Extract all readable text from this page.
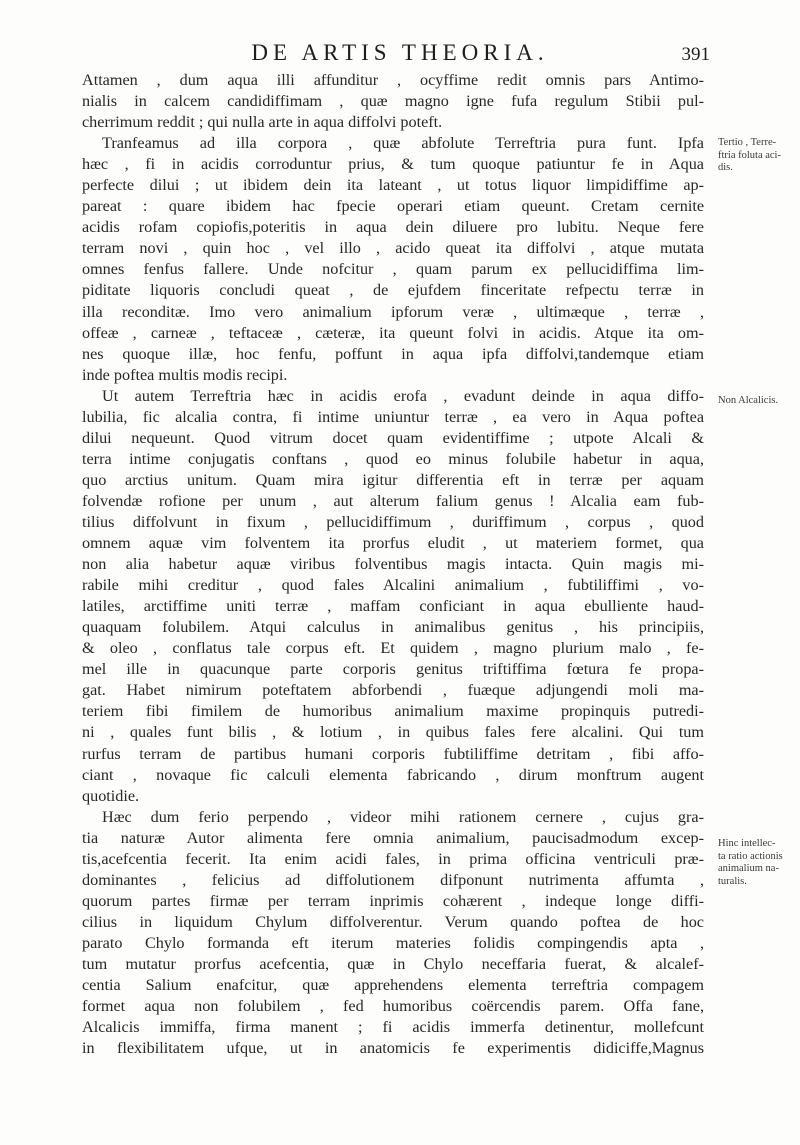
DE ARTIS THEORIA.	391
Attamen , dum aqua illi affunditur , ocyffime redit omnis pars Antimo-
nialis in calcem candidiffimam , quæ magno igne fufa regulum Stibii pul-
cherrimum reddit ; qui nulla arte in aqua diffolvi poteft.
Tranfeamus ad illa corpora , quæ abfolute Terreftria pura funt. Ipfa
hæc , fi in acidis corroduntur prius, & tum quoque patiuntur fe in Aqua
perfecte dilui ; ut ibidem dein ita lateant , ut totus liquor limpidiffime ap-
pareat : quare ibidem hac fpecie operari etiam queunt. Cretam cernite
acidis rofam copiofis,poteritis in aqua dein diluere pro lubitu. Neque fere
terram novi , quin hoc , vel illo , acido queat ita diffolvi , atque mutata
omnes fenfus fallere. Unde nofcitur , quam parum ex pellucidiffima lim-
piditate liquoris concludi queat , de ejufdem finceritate refpectu terræ in
illa reconditæ. Imo vero animalium ipforum veræ , ultimæque , terræ ,
offeæ , carneæ , teftaceæ , cæteræ, ita queunt folvi in acidis. Atque ita om-
nes quoque illæ, hoc fenfu, poffunt in aqua ipfa diffolvi,tandemque etiam
inde poftea multis modis recipi.
Ut autem Terreftria hæc in acidis erofa , evadunt deinde in aqua diffo-
lubilia, fic alcalia contra, fi intime uniuntur terræ , ea vero in Aqua poftea
dilui nequeunt. Quod vitrum docet quam evidentiffime ; utpote Alcali &
terra intime conjugatis conftans , quod eo minus folubile habetur in aqua,
quo arctius unitum. Quam mira igitur differentia eft in terræ per aquam
folvendæ rofione per unum , aut alterum falium genus ! Alcalia eam fub-
tilius diffolvunt in fixum , pellucidiffimum , duriffimum , corpus , quod
omnem aquæ vim folventem ita prorfus eludit , ut materiem formet, qua
non alia habetur aquæ viribus folventibus magis intacta. Quin magis mi-
rabile mihi creditur , quod fales Alcalini animalium , fubtiliffimi , vo-
latiles, arctiffime uniti terræ , maffam conficiant in aqua ebulliente haud-
quaquam folubilem. Atqui calculus in animalibus genitus , his principiis,
& oleo , conflatus tale corpus eft. Et quidem , magno plurium malo , fe-
mel ille in quacunque parte corporis genitus triftiffima fœtura fe propa-
gat. Habet nimirum poteftatem abforbendi , fuæque adjungendi moli ma-
teriem fibi fimilem de humoribus animalium maxime propinquis putredi-
ni , quales funt bilis , & lotium , in quibus fales fere alcalini. Qui tum
rurfus terram de partibus humani corporis fubtiliffime detritam , fibi affo-
ciant , novaque fic calculi elementa fabricando , dirum monftrum augent
quotidie.
Hæc dum ferio perpendo , videor mihi rationem cernere , cujus gra-
tia naturæ Autor alimenta fere omnia animalium, paucisadmodum excep-
tis,acefcentia fecerit. Ita enim acidi fales, in prima officina ventriculi præ-
dominantes , felicius ad diffolutionem difponunt nutrimenta affumta ,
quorum partes firmæ per terram inprimis cohærent , indeque longe diffi-
cilius in liquidum Chylum diffolverentur. Verum quando poftea de hoc
parato Chylo formanda eft iterum materies folidis compingendis apta ,
tum mutatur prorfus acefcentia, quæ in Chylo neceffaria fuerat, & alcalef-
centia Salium enafcitur, quæ apprehendens elementa terreftria compagem
formet aqua non folubilem , fed humoribus coërcendis parem. Offa fane,
Alcalicis immiffa, firma manent ; fi acidis immerfa detinentur, mollefcunt
in flexibilitatem ufque, ut in anatomicis fe experimentis didiciffe,Magnus
Tertio , Terre-
ftria foluta aci-
dis.
Non Alcalicis.
Hinc intellec-
ta ratio actionis
animalium na-
turalis.
